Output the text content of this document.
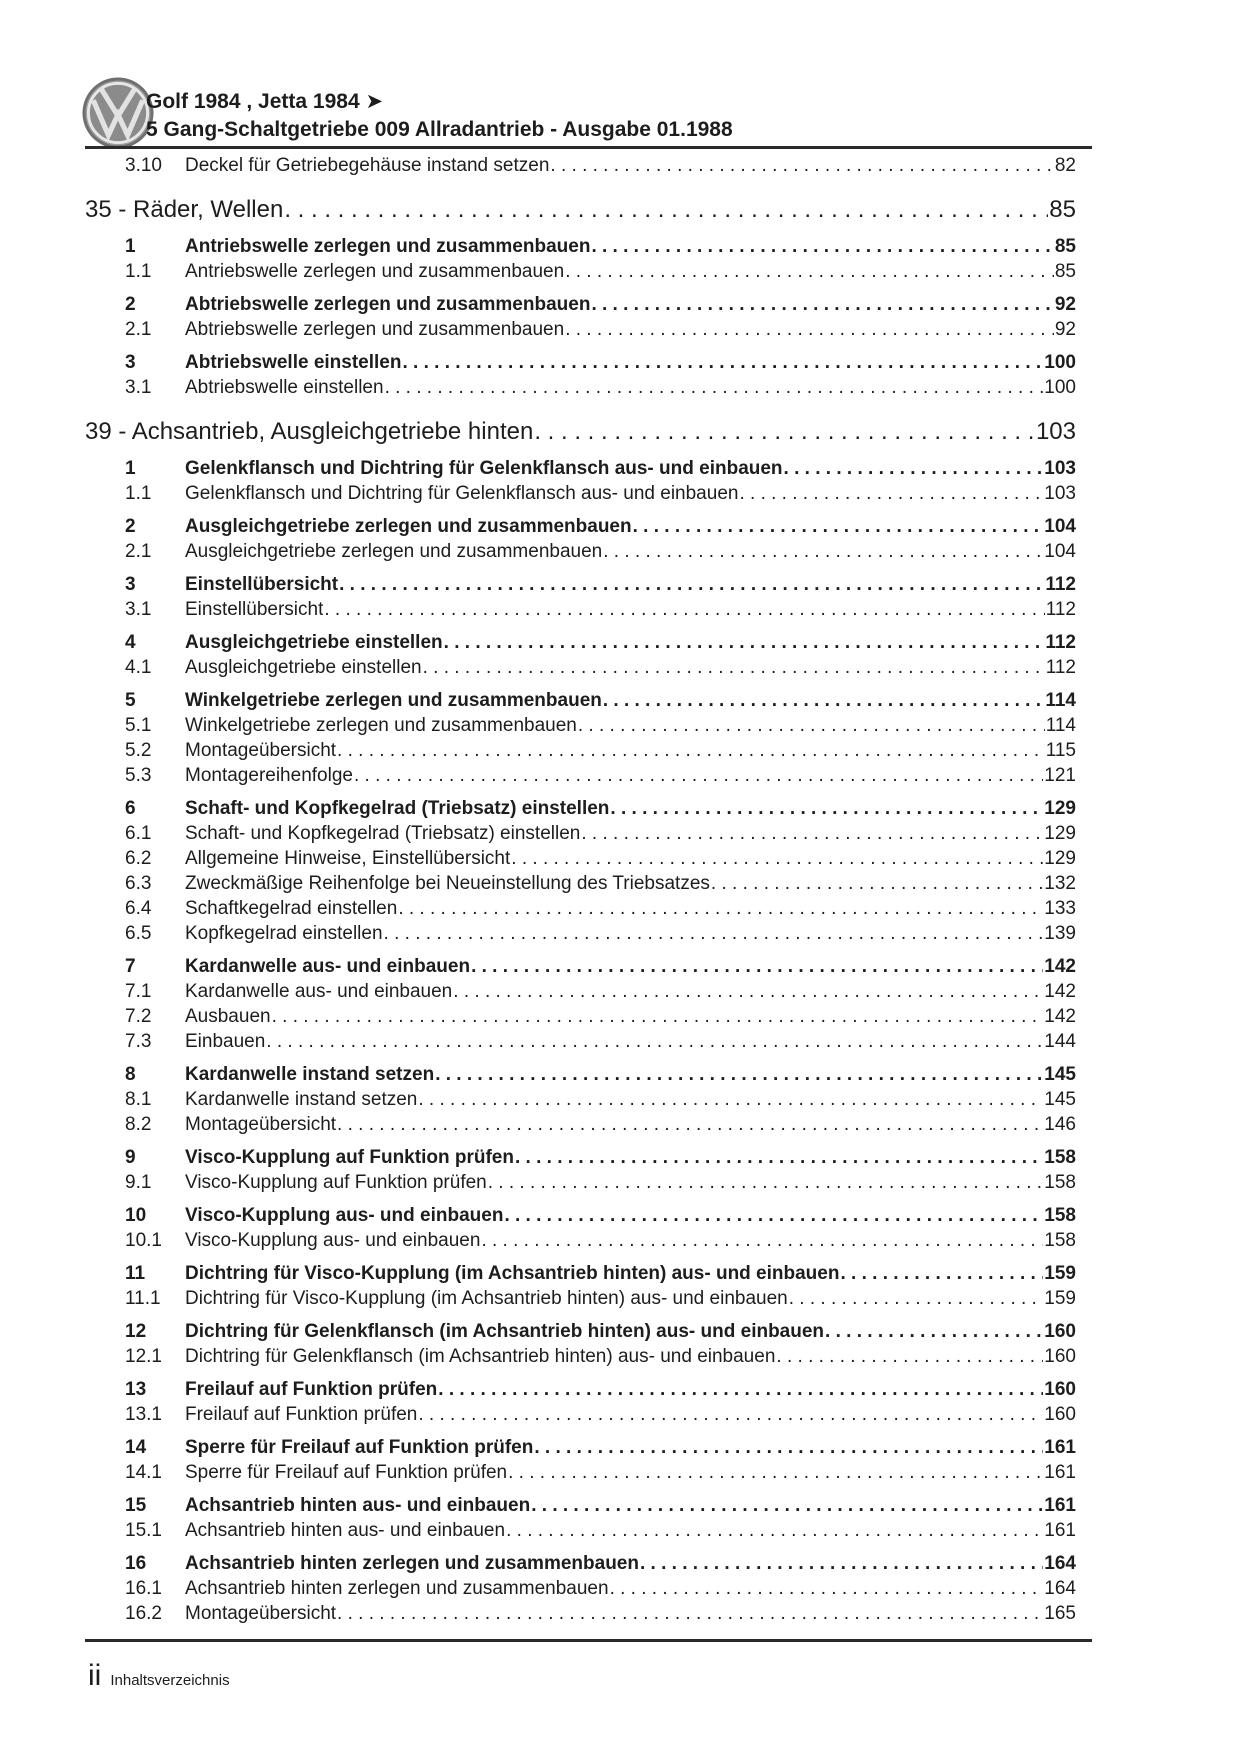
Golf 1984 , Jetta 1984 ➤
5 Gang-Schaltgetriebe 009 Allradantrieb - Ausgabe 01.1988
3.10	Deckel für Getriebegehäuse instand setzen . . .	82
35 - Räder, Wellen . . .	85
1	Antriebswelle zerlegen und zusammenbauen . . .	85
1.1	Antriebswelle zerlegen und zusammenbauen . . .	85
2	Abtriebswelle zerlegen und zusammenbauen . . .	92
2.1	Abtriebswelle zerlegen und zusammenbauen . . .	92
3	Abtriebswelle einstellen . . .	100
3.1	Abtriebswelle einstellen . . .	100
39 - Achsantrieb, Ausgleichgetriebe hinten . . .	103
1	Gelenkflansch und Dichtring für Gelenkflansch aus- und einbauen . . .	103
1.1	Gelenkflansch und Dichtring für Gelenkflansch aus- und einbauen . . .	103
2	Ausgleichgetriebe zerlegen und zusammenbauen . . .	104
2.1	Ausgleichgetriebe zerlegen und zusammenbauen . . .	104
3	Einstellübersicht . . .	112
3.1	Einstellübersicht . . .	112
4	Ausgleichgetriebe einstellen . . .	112
4.1	Ausgleichgetriebe einstellen . . .	112
5	Winkelgetriebe zerlegen und zusammenbauen . . .	114
5.1	Winkelgetriebe zerlegen und zusammenbauen . . .	114
5.2	Montageübersicht . . .	115
5.3	Montagereihenfolge . . .	121
6	Schaft- und Kopfkegelrad (Triebsatz) einstellen . . .	129
6.1	Schaft- und Kopfkegelrad (Triebsatz) einstellen . . .	129
6.2	Allgemeine Hinweise, Einstellübersicht . . .	129
6.3	Zweckmäßige Reihenfolge bei Neueinstellung des Triebsatzes . . .	132
6.4	Schaftkegelrad einstellen . . .	133
6.5	Kopfkegelrad einstellen . . .	139
7	Kardanwelle aus- und einbauen . . .	142
7.1	Kardanwelle aus- und einbauen . . .	142
7.2	Ausbauen . . .	142
7.3	Einbauen . . .	144
8	Kardanwelle instand setzen . . .	145
8.1	Kardanwelle instand setzen . . .	145
8.2	Montageübersicht . . .	146
9	Visco-Kupplung auf Funktion prüfen . . .	158
9.1	Visco-Kupplung auf Funktion prüfen . . .	158
10	Visco-Kupplung aus- und einbauen . . .	158
10.1	Visco-Kupplung aus- und einbauen . . .	158
11	Dichtring für Visco-Kupplung (im Achsantrieb hinten) aus- und einbauen . . .	159
11.1	Dichtring für Visco-Kupplung (im Achsantrieb hinten) aus- und einbauen . . .	159
12	Dichtring für Gelenkflansch (im Achsantrieb hinten) aus- und einbauen . . .	160
12.1	Dichtring für Gelenkflansch (im Achsantrieb hinten) aus- und einbauen . . .	160
13	Freilauf auf Funktion prüfen . . .	160
13.1	Freilauf auf Funktion prüfen . . .	160
14	Sperre für Freilauf auf Funktion prüfen . . .	161
14.1	Sperre für Freilauf auf Funktion prüfen . . .	161
15	Achsantrieb hinten aus- und einbauen . . .	161
15.1	Achsantrieb hinten aus- und einbauen . . .	161
16	Achsantrieb hinten zerlegen und zusammenbauen . . .	164
16.1	Achsantrieb hinten zerlegen und zusammenbauen . . .	164
16.2	Montageübersicht . . .	165
ii Inhaltsverzeichnis
